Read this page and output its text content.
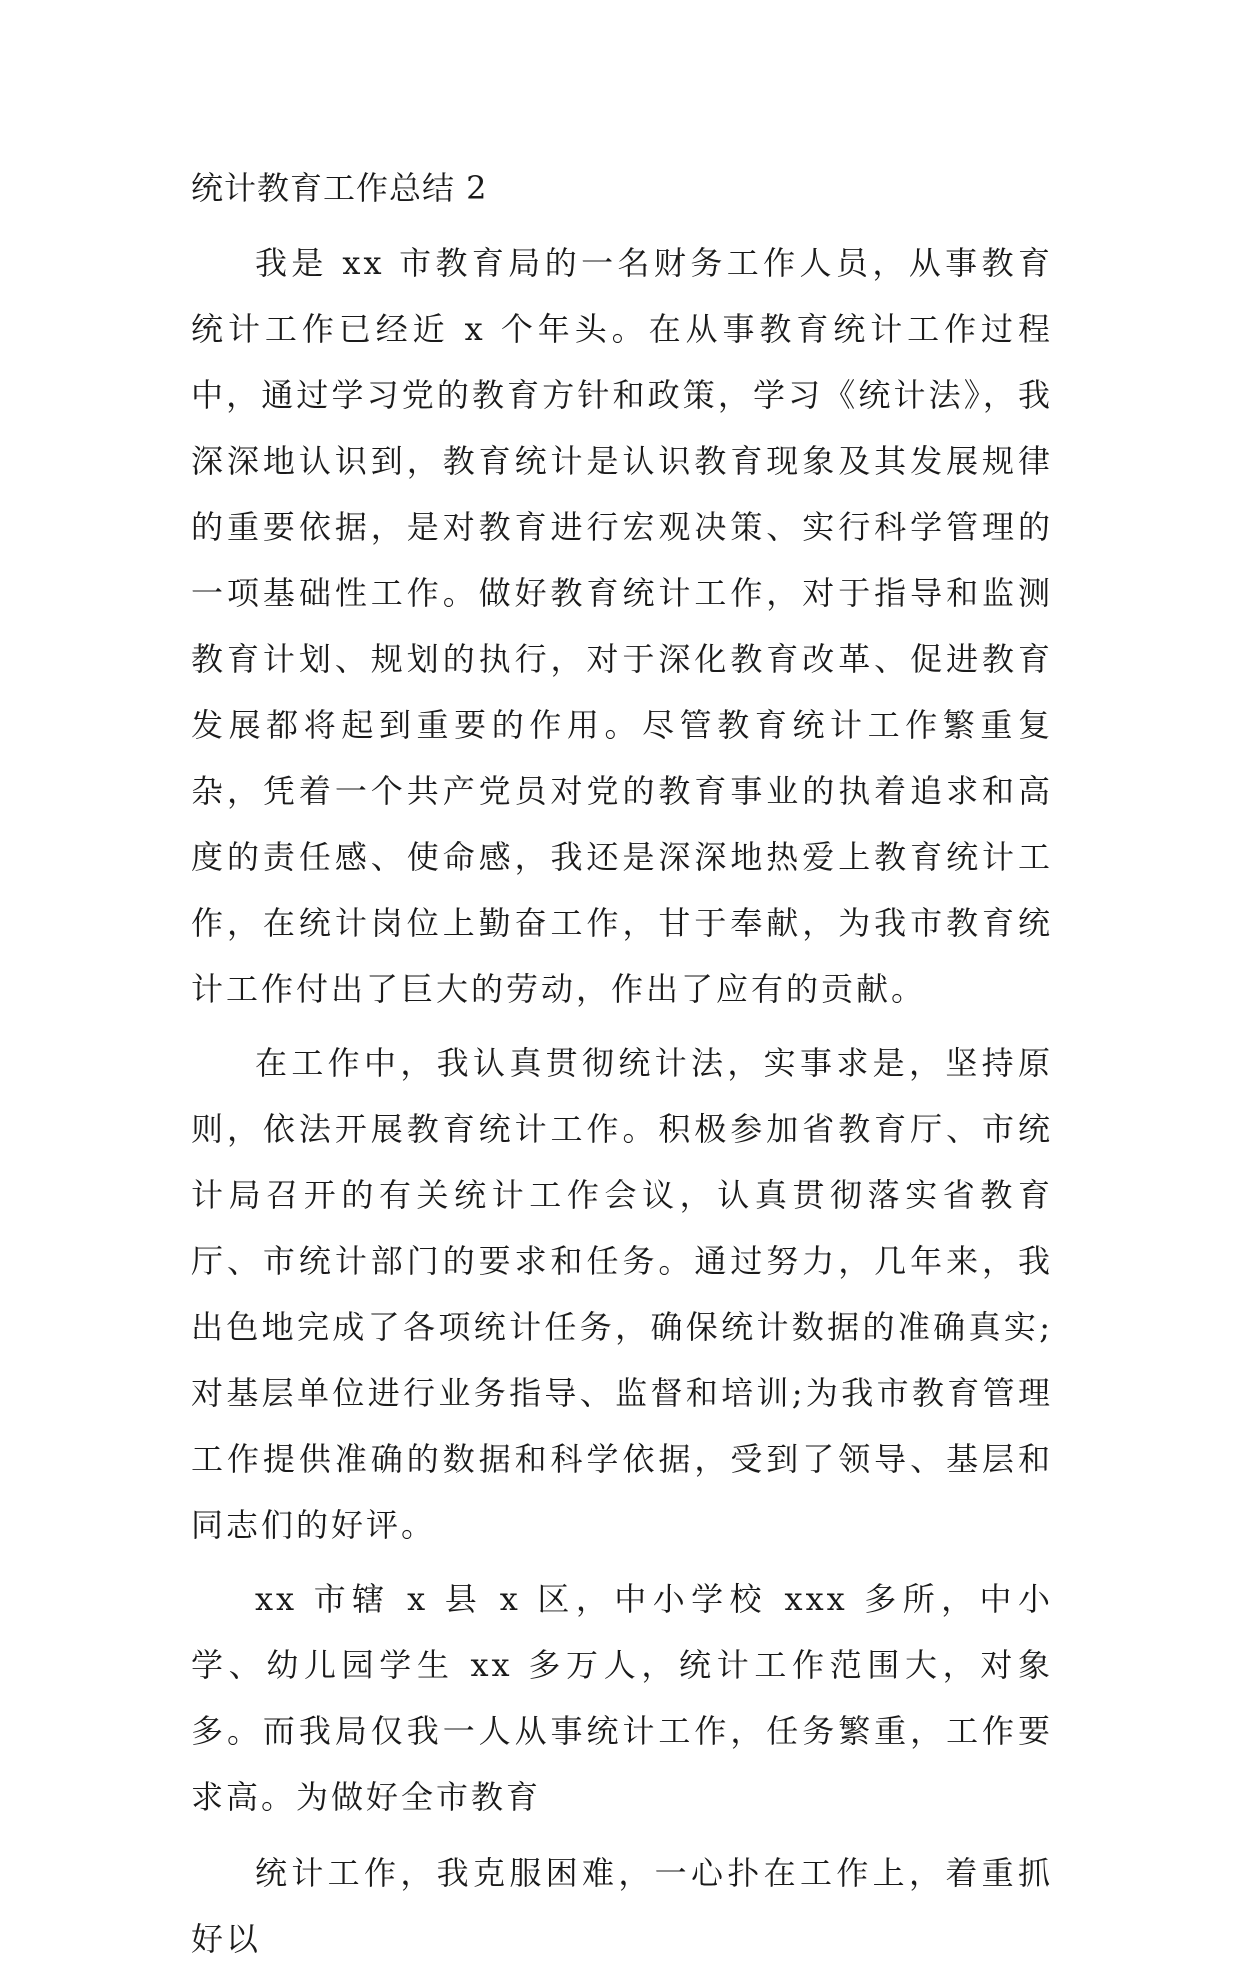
统计教育工作总结 2

我是 xx 市教育局的一名财务工作人员，从事教育统计工作已经近 x 个年头。在从事教育统计工作过程中，通过学习党的教育方针和政策，学习《统计法》，我深深地认识到，教育统计是认识教育现象及其发展规律的重要依据，是对教育进行宏观决策、实行科学管理的一项基础性工作。做好教育统计工作，对于指导和监测教育计划、规划的执行，对于深化教育改革、促进教育发展都将起到重要的作用。尽管教育统计工作繁重复杂，凭着一个共产党员对党的教育事业的执着追求和高度的责任感、使命感，我还是深深地热爱上教育统计工作，在统计岗位上勤奋工作，甘于奉献，为我市教育统计工作付出了巨大的劳动，作出了应有的贡献。

在工作中，我认真贯彻统计法，实事求是，坚持原则，依法开展教育统计工作。积极参加省教育厅、市统计局召开的有关统计工作会议，认真贯彻落实省教育厅、市统计部门的要求和任务。通过努力，几年来，我出色地完成了各项统计任务，确保统计数据的准确真实;对基层单位进行业务指导、监督和培训;为我市教育管理工作提供准确的数据和科学依据，受到了领导、基层和同志们的好评。

xx 市辖 x 县 x 区，中小学校 xxx 多所，中小学、幼儿园学生 xx 多万人，统计工作范围大，对象多。而我局仅我一人从事统计工作，任务繁重，工作要求高。为做好全市教育

统计工作，我克服困难，一心扑在工作上，着重抓好以
